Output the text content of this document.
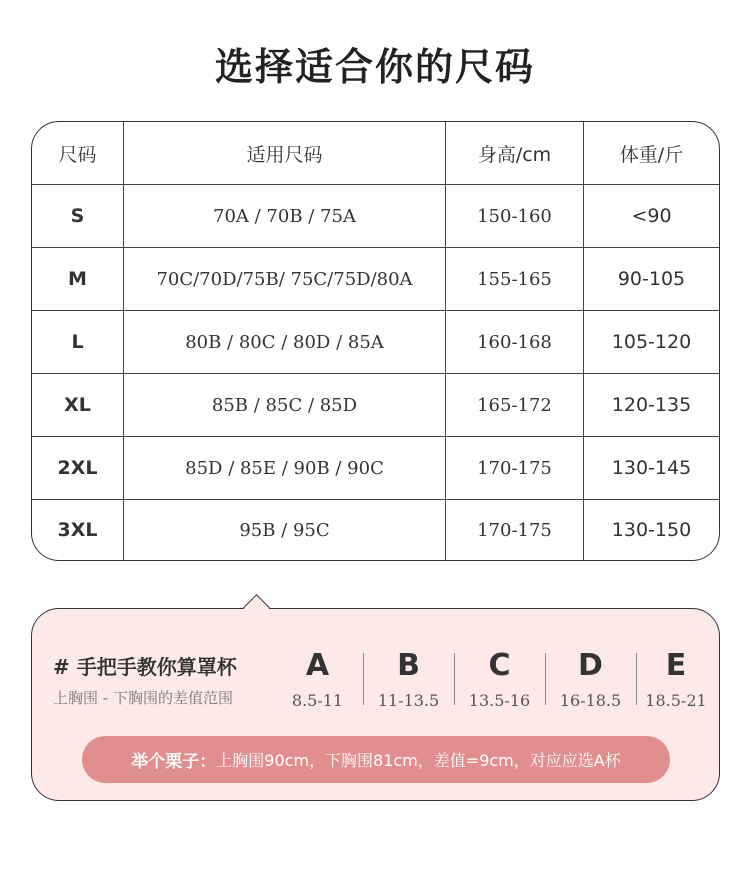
选择适合你的尺码
尺码	适用尺码	身高/cm	体重/斤
S	70A / 70B / 75A	150-160	<90
M	70C/70D/75B/ 75C/75D/80A	155-165	90-105
L	80B / 80C / 80D / 85A	160-168	105-120
XL	85B / 85C / 85D	165-172	120-135
2XL	85D / 85E / 90B / 90C	170-175	130-145
3XL	95B / 95C	170-175	130-150
# 手把手教你算罩杯
上胸围 - 下胸围的差值范围
A
8.5-11
B
11-13.5
C
13.5-16
D
16-18.5
E
18.5-21
举个栗子： 上胸围90cm，下胸围81cm，差值=9cm，对应应选A杯
